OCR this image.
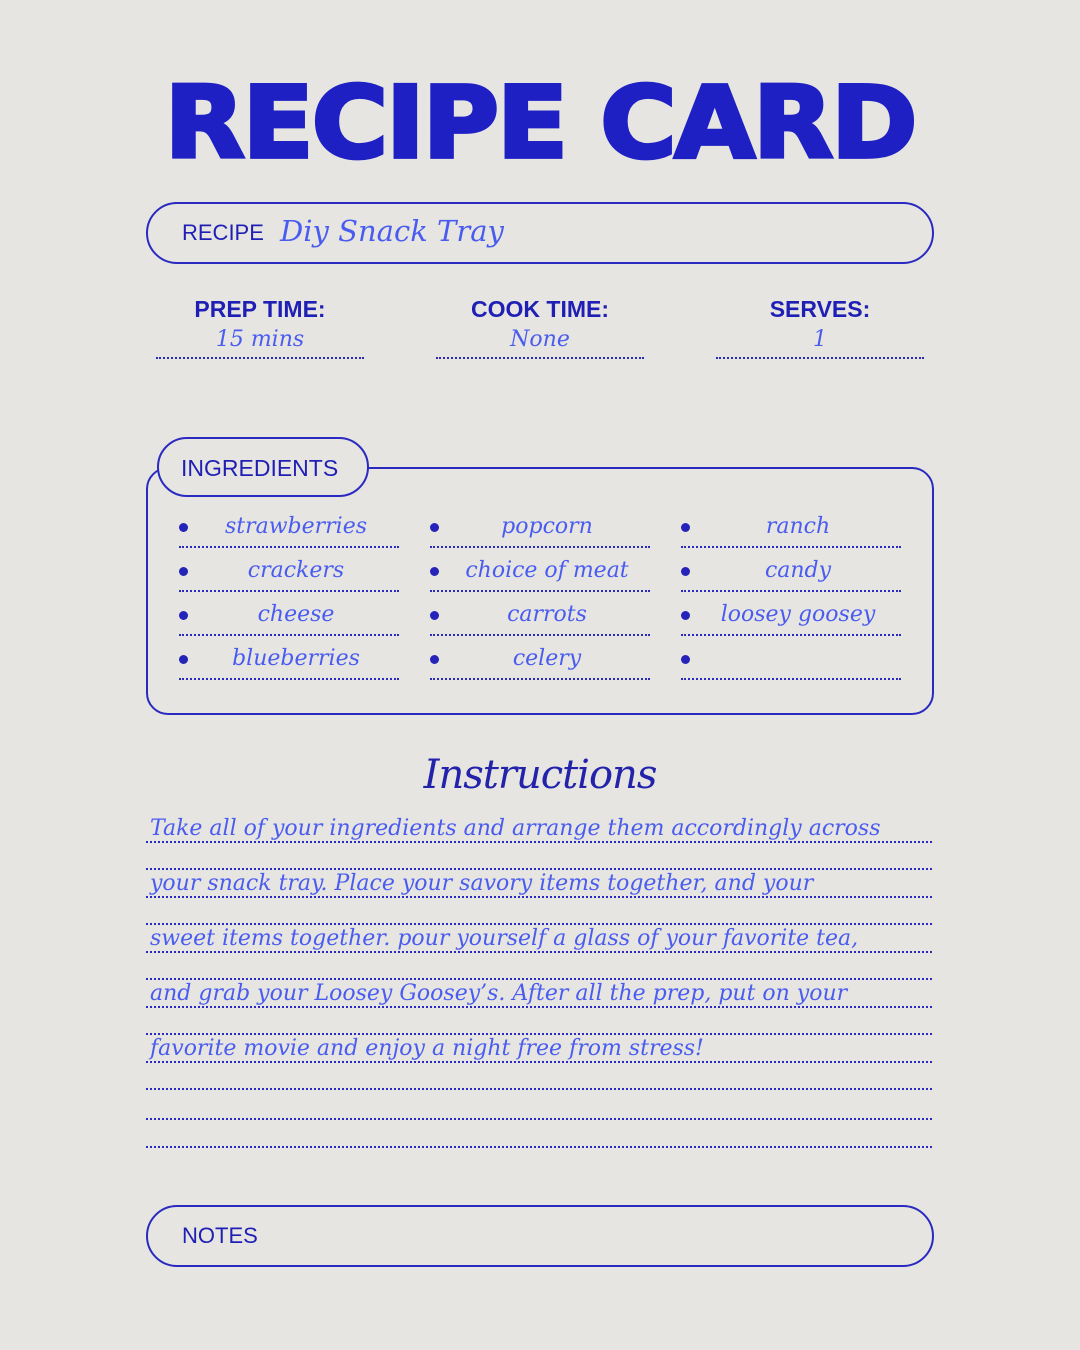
RECIPE CARD
RECIPE Diy Snack Tray
PREP TIME:
15 mins
COOK TIME:
None
SERVES:
1
INGREDIENTS
strawberries
crackers
cheese
blueberries
popcorn
choice of meat
carrots
celery
ranch
candy
loosey goosey
Instructions
Take all of your ingredients and arrange them accordingly across
your snack tray. Place your savory items together, and your
sweet items together. pour yourself a glass of your favorite tea,
and grab your Loosey Goosey’s. After all the prep, put on your
favorite movie and enjoy a night free from stress!
NOTES
